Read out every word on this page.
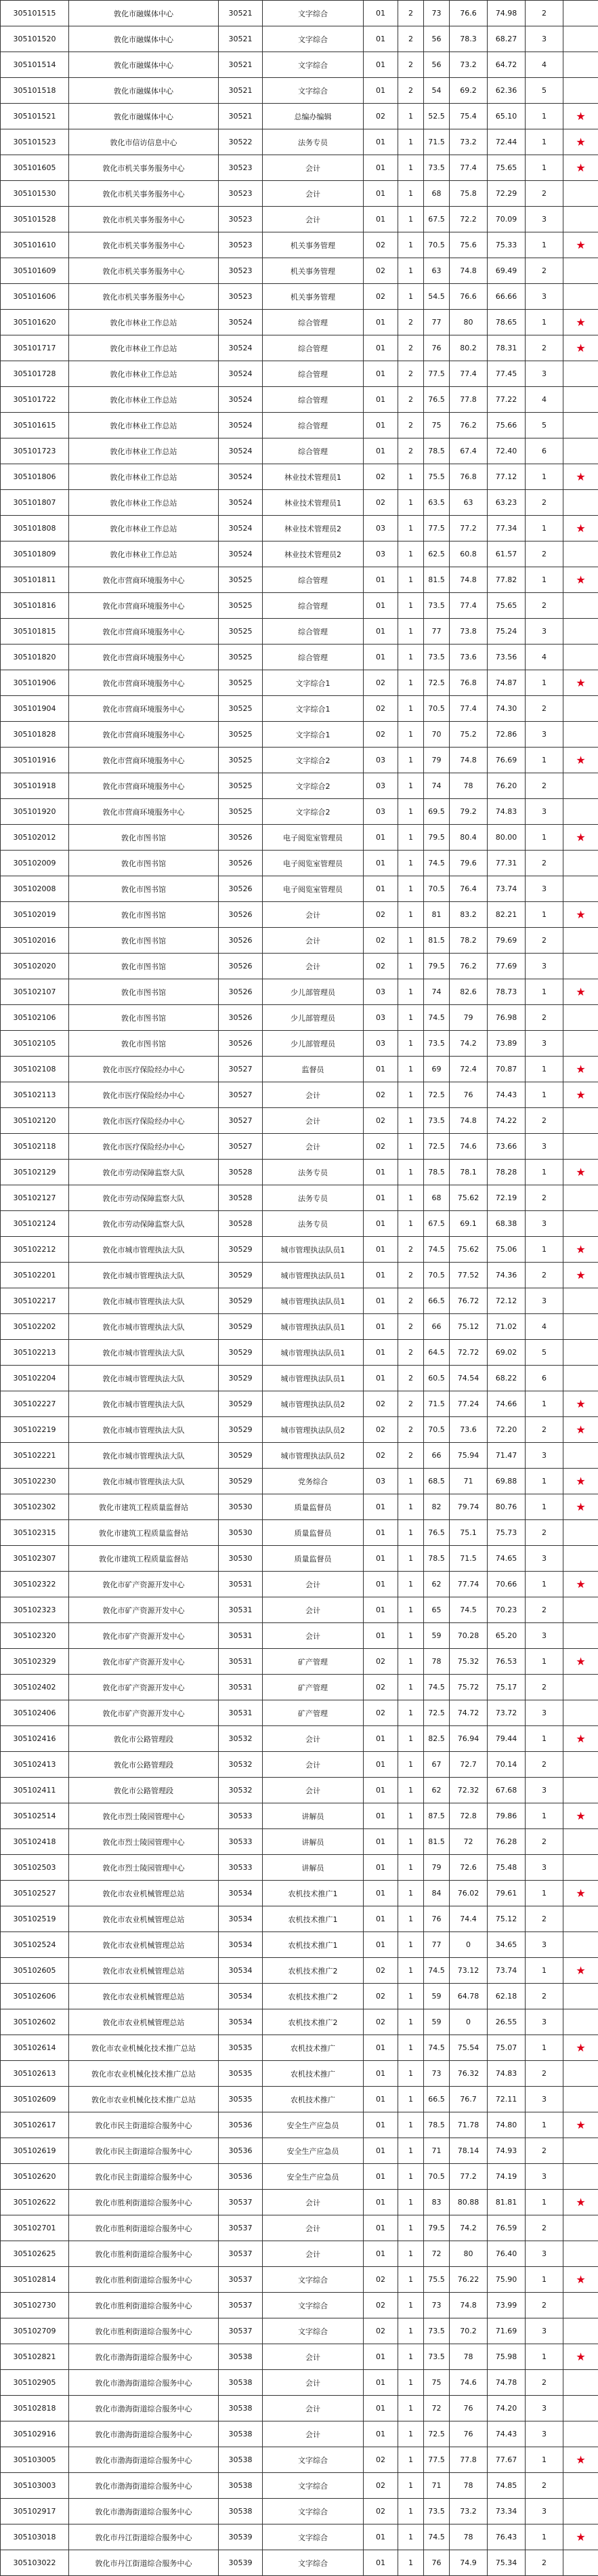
305101515	敦化市融媒体中心	30521	文字综合	01	2	73	76.6	74.98	2	
305101520	敦化市融媒体中心	30521	文字综合	01	2	56	78.3	68.27	3	
305101514	敦化市融媒体中心	30521	文字综合	01	2	56	73.2	64.72	4	
305101518	敦化市融媒体中心	30521	文字综合	01	2	54	69.2	62.36	5	
305101521	敦化市融媒体中心	30521	总编办编辑	02	1	52.5	75.4	65.10	1	★
305101523	敦化市信访信息中心	30522	法务专员	01	1	71.5	73.2	72.44	1	★
305101605	敦化市机关事务服务中心	30523	会计	01	1	73.5	77.4	75.65	1	★
305101530	敦化市机关事务服务中心	30523	会计	01	1	68	75.8	72.29	2	
305101528	敦化市机关事务服务中心	30523	会计	01	1	67.5	72.2	70.09	3	
305101610	敦化市机关事务服务中心	30523	机关事务管理	02	1	70.5	75.6	75.33	1	★
305101609	敦化市机关事务服务中心	30523	机关事务管理	02	1	63	74.8	69.49	2	
305101606	敦化市机关事务服务中心	30523	机关事务管理	02	1	54.5	76.6	66.66	3	
305101620	敦化市林业工作总站	30524	综合管理	01	2	77	80	78.65	1	★
305101717	敦化市林业工作总站	30524	综合管理	01	2	76	80.2	78.31	2	★
305101728	敦化市林业工作总站	30524	综合管理	01	2	77.5	77.4	77.45	3	
305101722	敦化市林业工作总站	30524	综合管理	01	2	76.5	77.8	77.22	4	
305101615	敦化市林业工作总站	30524	综合管理	01	2	75	76.2	75.66	5	
305101723	敦化市林业工作总站	30524	综合管理	01	2	78.5	67.4	72.40	6	
305101806	敦化市林业工作总站	30524	林业技术管理员1	02	1	75.5	76.8	77.12	1	★
305101807	敦化市林业工作总站	30524	林业技术管理员1	02	1	63.5	63	63.23	2	
305101808	敦化市林业工作总站	30524	林业技术管理员2	03	1	77.5	77.2	77.34	1	★
305101809	敦化市林业工作总站	30524	林业技术管理员2	03	1	62.5	60.8	61.57	2	
305101811	敦化市营商环境服务中心	30525	综合管理	01	1	81.5	74.8	77.82	1	★
305101816	敦化市营商环境服务中心	30525	综合管理	01	1	73.5	77.4	75.65	2	
305101815	敦化市营商环境服务中心	30525	综合管理	01	1	77	73.8	75.24	3	
305101820	敦化市营商环境服务中心	30525	综合管理	01	1	73.5	73.6	73.56	4	
305101906	敦化市营商环境服务中心	30525	文字综合1	02	1	72.5	76.8	74.87	1	★
305101904	敦化市营商环境服务中心	30525	文字综合1	02	1	70.5	77.4	74.30	2	
305101828	敦化市营商环境服务中心	30525	文字综合1	02	1	70	75.2	72.86	3	
305101916	敦化市营商环境服务中心	30525	文字综合2	03	1	79	74.8	76.69	1	★
305101918	敦化市营商环境服务中心	30525	文字综合2	03	1	74	78	76.20	2	
305101920	敦化市营商环境服务中心	30525	文字综合2	03	1	69.5	79.2	74.83	3	
305102012	敦化市图书馆	30526	电子阅览室管理员	01	1	79.5	80.4	80.00	1	★
305102009	敦化市图书馆	30526	电子阅览室管理员	01	1	74.5	79.6	77.31	2	
305102008	敦化市图书馆	30526	电子阅览室管理员	01	1	70.5	76.4	73.74	3	
305102019	敦化市图书馆	30526	会计	02	1	81	83.2	82.21	1	★
305102016	敦化市图书馆	30526	会计	02	1	81.5	78.2	79.69	2	
305102020	敦化市图书馆	30526	会计	02	1	79.5	76.2	77.69	3	
305102107	敦化市图书馆	30526	少儿部管理员	03	1	74	82.6	78.73	1	★
305102106	敦化市图书馆	30526	少儿部管理员	03	1	74.5	79	76.98	2	
305102105	敦化市图书馆	30526	少儿部管理员	03	1	73.5	74.2	73.89	3	
305102108	敦化市医疗保险经办中心	30527	监督员	01	1	69	72.4	70.87	1	★
305102113	敦化市医疗保险经办中心	30527	会计	02	1	72.5	76	74.43	1	★
305102120	敦化市医疗保险经办中心	30527	会计	02	1	73.5	74.8	74.22	2	
305102118	敦化市医疗保险经办中心	30527	会计	02	1	72.5	74.6	73.66	3	
305102129	敦化市劳动保障监察大队	30528	法务专员	01	1	78.5	78.1	78.28	1	★
305102127	敦化市劳动保障监察大队	30528	法务专员	01	1	68	75.62	72.19	2	
305102124	敦化市劳动保障监察大队	30528	法务专员	01	1	67.5	69.1	68.38	3	
305102212	敦化市城市管理执法大队	30529	城市管理执法队员1	01	2	74.5	75.62	75.06	1	★
305102201	敦化市城市管理执法大队	30529	城市管理执法队员1	01	2	70.5	77.52	74.36	2	★
305102217	敦化市城市管理执法大队	30529	城市管理执法队员1	01	2	66.5	76.72	72.12	3	
305102202	敦化市城市管理执法大队	30529	城市管理执法队员1	01	2	66	75.12	71.02	4	
305102213	敦化市城市管理执法大队	30529	城市管理执法队员1	01	2	64.5	72.72	69.02	5	
305102204	敦化市城市管理执法大队	30529	城市管理执法队员1	01	2	60.5	74.54	68.22	6	
305102227	敦化市城市管理执法大队	30529	城市管理执法队员2	02	2	71.5	77.24	74.66	1	★
305102219	敦化市城市管理执法大队	30529	城市管理执法队员2	02	2	70.5	73.6	72.20	2	★
305102221	敦化市城市管理执法大队	30529	城市管理执法队员2	02	2	66	75.94	71.47	3	
305102230	敦化市城市管理执法大队	30529	党务综合	03	1	68.5	71	69.88	1	★
305102302	敦化市建筑工程质量监督站	30530	质量监督员	01	1	82	79.74	80.76	1	★
305102315	敦化市建筑工程质量监督站	30530	质量监督员	01	1	76.5	75.1	75.73	2	
305102307	敦化市建筑工程质量监督站	30530	质量监督员	01	1	78.5	71.5	74.65	3	
305102322	敦化市矿产资源开发中心	30531	会计	01	1	62	77.74	70.66	1	★
305102323	敦化市矿产资源开发中心	30531	会计	01	1	65	74.5	70.23	2	
305102320	敦化市矿产资源开发中心	30531	会计	01	1	59	70.28	65.20	3	
305102329	敦化市矿产资源开发中心	30531	矿产管理	02	1	78	75.32	76.53	1	★
305102402	敦化市矿产资源开发中心	30531	矿产管理	02	1	74.5	75.72	75.17	2	
305102406	敦化市矿产资源开发中心	30531	矿产管理	02	1	72.5	74.72	73.72	3	
305102416	敦化市公路管理段	30532	会计	01	1	82.5	76.94	79.44	1	★
305102413	敦化市公路管理段	30532	会计	01	1	67	72.7	70.14	2	
305102411	敦化市公路管理段	30532	会计	01	1	62	72.32	67.68	3	
305102514	敦化市烈士陵园管理中心	30533	讲解员	01	1	87.5	72.8	79.86	1	★
305102418	敦化市烈士陵园管理中心	30533	讲解员	01	1	81.5	72	76.28	2	
305102503	敦化市烈士陵园管理中心	30533	讲解员	01	1	79	72.6	75.48	3	
305102527	敦化市农业机械管理总站	30534	农机技术推广1	01	1	84	76.02	79.61	1	★
305102519	敦化市农业机械管理总站	30534	农机技术推广1	01	1	76	74.4	75.12	2	
305102524	敦化市农业机械管理总站	30534	农机技术推广1	01	1	77	0	34.65	3	
305102605	敦化市农业机械管理总站	30534	农机技术推广2	02	1	74.5	73.12	73.74	1	★
305102606	敦化市农业机械管理总站	30534	农机技术推广2	02	1	59	64.78	62.18	2	
305102602	敦化市农业机械管理总站	30534	农机技术推广2	02	1	59	0	26.55	3	
305102614	敦化市农业机械化技术推广总站	30535	农机技术推广	01	1	74.5	75.54	75.07	1	★
305102613	敦化市农业机械化技术推广总站	30535	农机技术推广	01	1	73	76.32	74.83	2	
305102609	敦化市农业机械化技术推广总站	30535	农机技术推广	01	1	66.5	76.7	72.11	3	
305102617	敦化市民主街道综合服务中心	30536	安全生产应急员	01	1	78.5	71.78	74.80	1	★
305102619	敦化市民主街道综合服务中心	30536	安全生产应急员	01	1	71	78.14	74.93	2	
305102620	敦化市民主街道综合服务中心	30536	安全生产应急员	01	1	70.5	77.2	74.19	3	
305102622	敦化市胜利街道综合服务中心	30537	会计	01	1	83	80.88	81.81	1	★
305102701	敦化市胜利街道综合服务中心	30537	会计	01	1	79.5	74.2	76.59	2	
305102625	敦化市胜利街道综合服务中心	30537	会计	01	1	72	80	76.40	3	
305102814	敦化市胜利街道综合服务中心	30537	文字综合	02	1	75.5	76.22	75.90	1	★
305102730	敦化市胜利街道综合服务中心	30537	文字综合	02	1	73	74.8	73.99	2	
305102709	敦化市胜利街道综合服务中心	30537	文字综合	02	1	73.5	70.2	71.69	3	
305102821	敦化市渤海街道综合服务中心	30538	会计	01	1	73.5	78	75.98	1	★
305102905	敦化市渤海街道综合服务中心	30538	会计	01	1	75	74.6	74.78	2	
305102818	敦化市渤海街道综合服务中心	30538	会计	01	1	72	76	74.20	3	
305102916	敦化市渤海街道综合服务中心	30538	会计	01	1	72.5	76	74.43	3	
305103005	敦化市渤海街道综合服务中心	30538	文字综合	02	1	77.5	77.8	77.67	1	★
305103003	敦化市渤海街道综合服务中心	30538	文字综合	02	1	71	78	74.85	2	
305102917	敦化市渤海街道综合服务中心	30538	文字综合	02	1	73.5	73.2	73.34	3	
305103018	敦化市丹江街道综合服务中心	30539	文字综合	01	1	74.5	78	76.43	1	★
305103022	敦化市丹江街道综合服务中心	30539	文字综合	01	1	76	74.9	75.34	2	
